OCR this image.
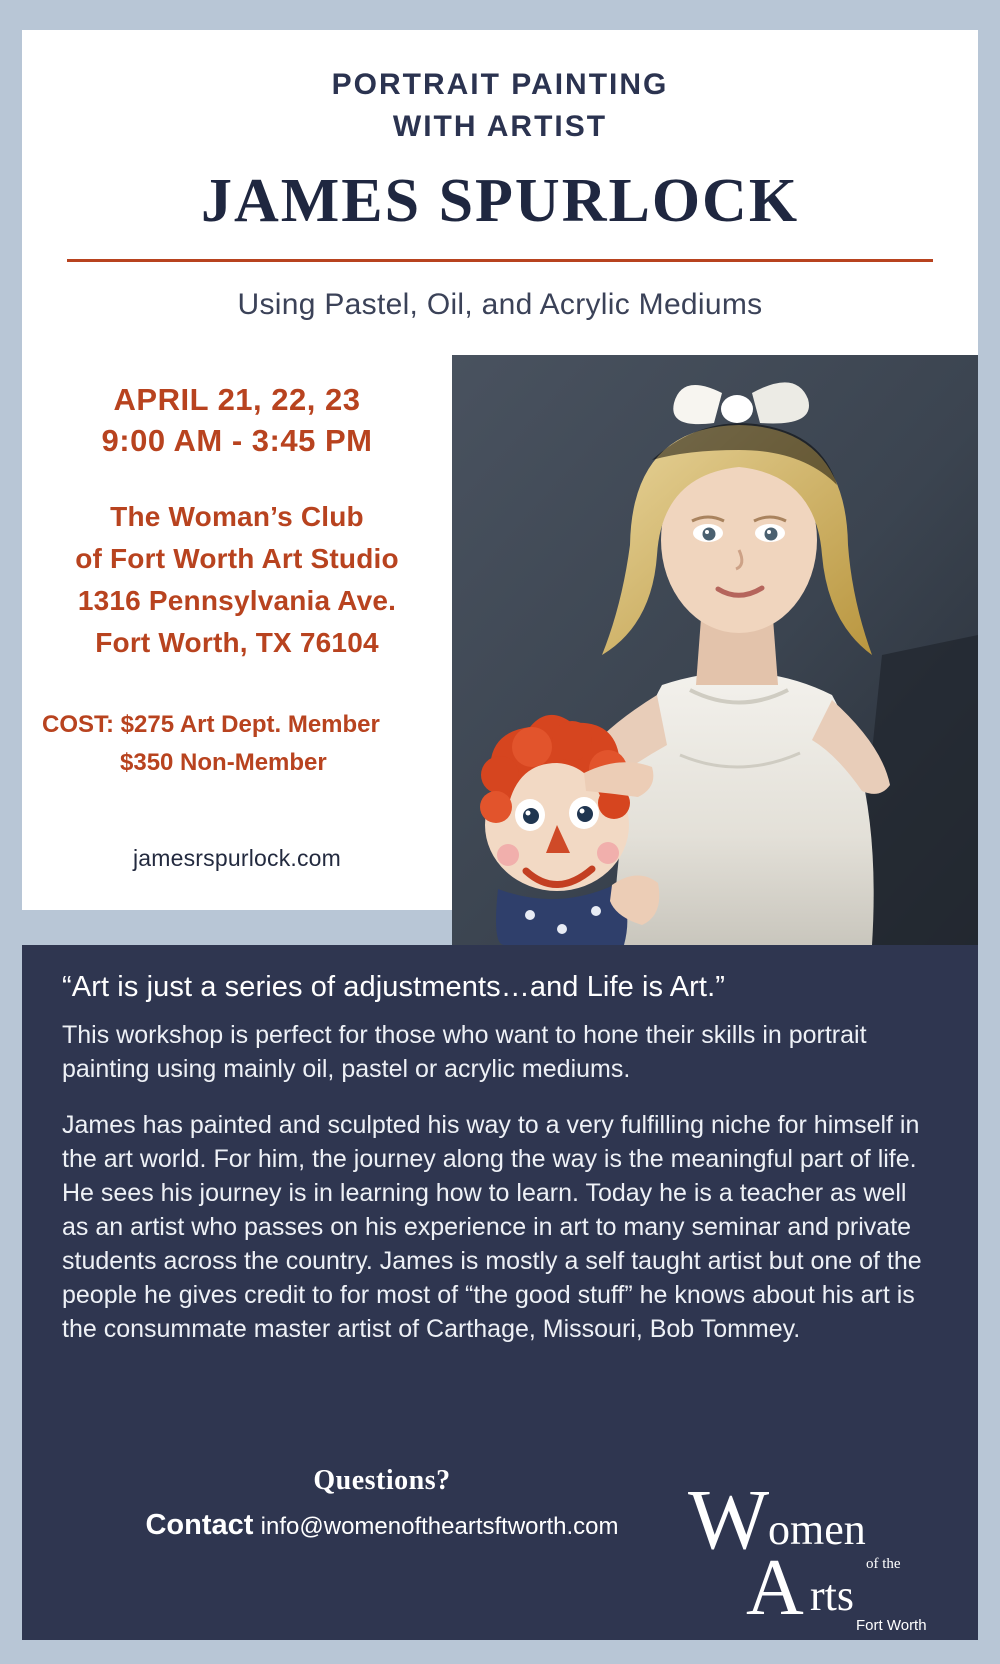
PORTRAIT PAINTING
WITH ARTIST
JAMES SPURLOCK
Using Pastel, Oil, and Acrylic Mediums
APRIL 21, 22, 23
9:00 AM - 3:45 PM
The Woman’s Club
of Fort Worth Art Studio
1316 Pennsylvania Ave.
Fort Worth, TX 76104
COST: $275 Art Dept. Member
$350 Non-Member
jamesrspurlock.com
“Art is just a series of adjustments…and Life is Art.”
This workshop is perfect for those who want to hone their skills in portrait painting using mainly oil, pastel or acrylic mediums.
James has painted and sculpted his way to a very fulfilling niche for himself in the art world. For him, the journey along the way is the meaningful part of life. He sees his journey is in learning how to learn. Today he is a teacher as well as an artist who passes on his experience in art to many seminar and private students across the country. James is mostly a self taught artist but one of the people he gives credit to for most of “the good stuff” he knows about his art is the consummate master artist of Carthage, Missouri, Bob Tommey.
Questions?
Contact info@womenoftheartsftworth.com W
omen
of the
A rts
Fort Worth
